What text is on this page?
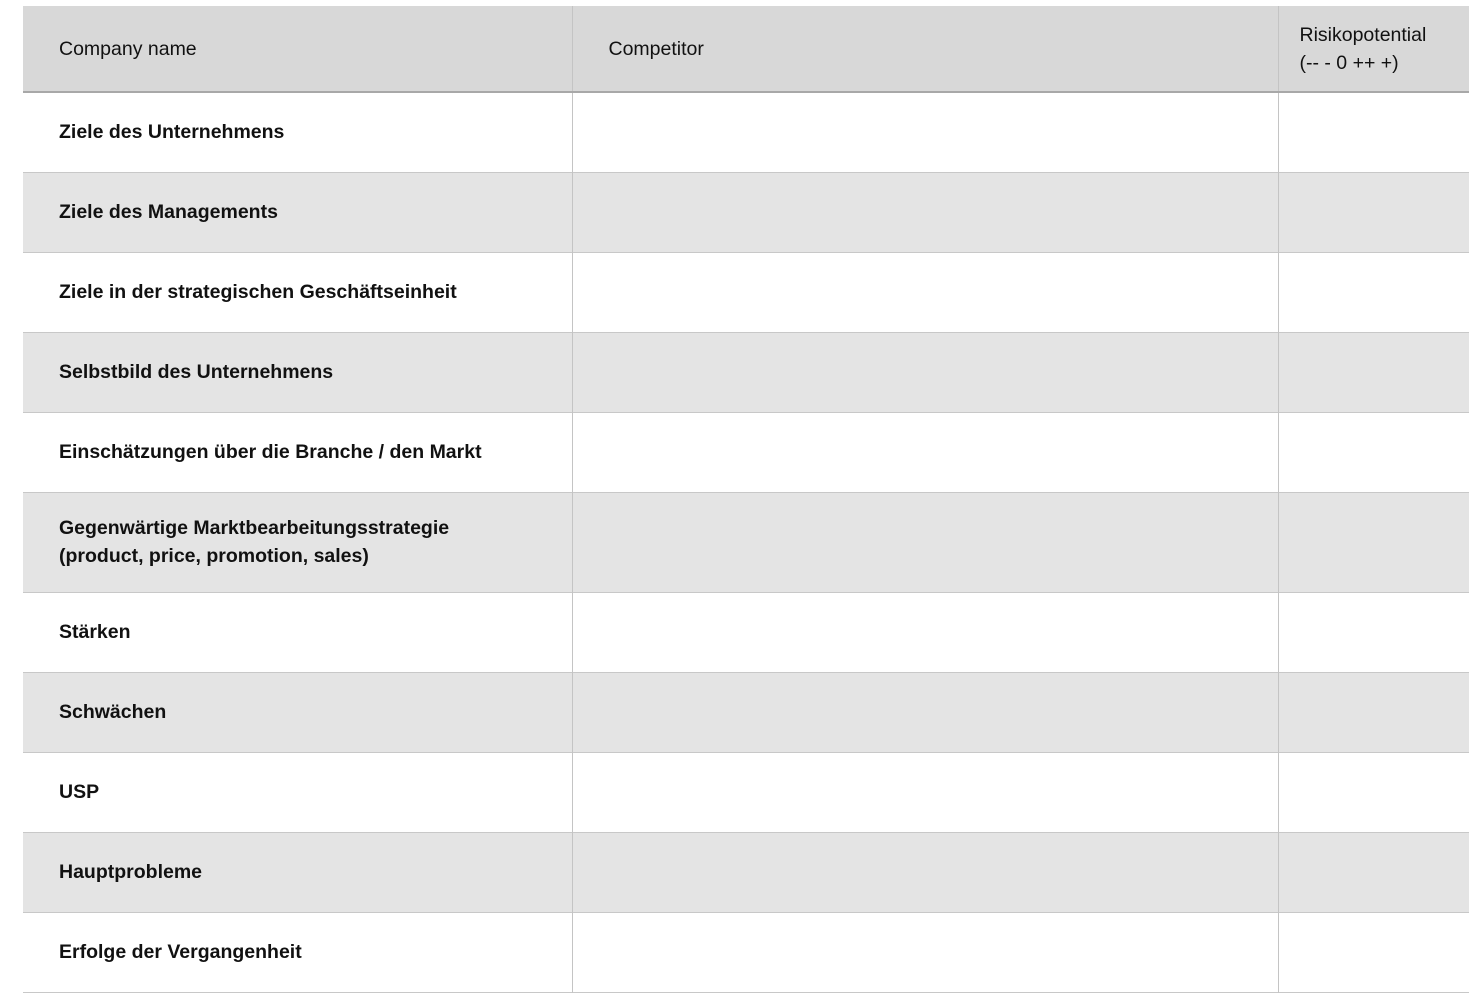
Company name	Competitor	Risikopotential
(-- - 0 ++ +)
Ziele des Unternehmens		
Ziele des Managements		
Ziele in der strategischen Geschäftseinheit		
Selbstbild des Unternehmens		
Einschätzungen über die Branche / den Markt		
Gegenwärtige Marktbearbeitungsstrategie
(product, price, promotion, sales)		
Stärken		
Schwächen		
USP		
Hauptprobleme		
Erfolge der Vergangenheit		
